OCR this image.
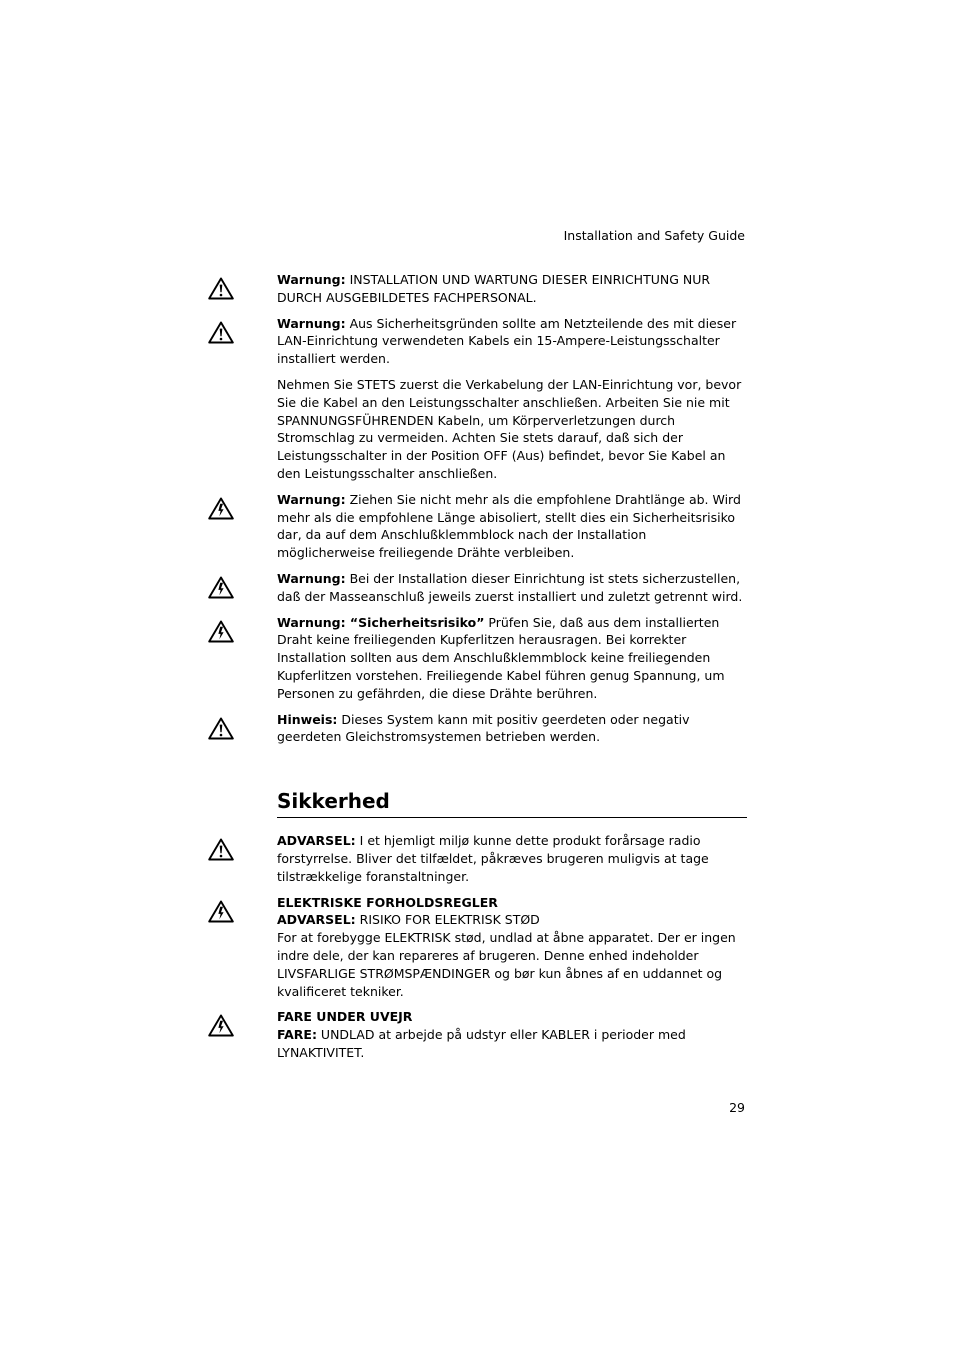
Installation and Safety Guide

Warnung: INSTALLATION UND WARTUNG DIESER EINRICHTUNG NUR DURCH AUSGEBILDETES FACHPERSONAL.

Warnung: Aus Sicherheitsgründen sollte am Netzteilende des mit dieser LAN-Einrichtung verwendeten Kabels ein 15-Ampere-Leistungsschalter installiert werden.

Nehmen Sie STETS zuerst die Verkabelung der LAN-Einrichtung vor, bevor Sie die Kabel an den Leistungsschalter anschließen. Arbeiten Sie nie mit SPANNUNGSFÜHRENDEN Kabeln, um Körperverletzungen durch Stromschlag zu vermeiden. Achten Sie stets darauf, daß sich der Leistungsschalter in der Position OFF (Aus) befindet, bevor Sie Kabel an den Leistungsschalter anschließen.

Warnung: Ziehen Sie nicht mehr als die empfohlene Drahtlänge ab. Wird mehr als die empfohlene Länge abisoliert, stellt dies ein Sicherheitsrisiko dar, da auf dem Anschlußklemmblock nach der Installation möglicherweise freiliegende Drähte verbleiben.

Warnung: Bei der Installation dieser Einrichtung ist stets sicherzustellen, daß der Masseanschluß jeweils zuerst installiert und zuletzt getrennt wird.

Warnung: “Sicherheitsrisiko” Prüfen Sie, daß aus dem installierten Draht keine freiliegenden Kupferlitzen herausragen. Bei korrekter Installation sollten aus dem Anschlußklemmblock keine freiliegenden Kupferlitzen vorstehen. Freiliegende Kabel führen genug Spannung, um Personen zu gefährden, die diese Drähte berühren.

Hinweis: Dieses System kann mit positiv geerdeten oder negativ geerdeten Gleichstromsystemen betrieben werden.

Sikkerhed

ADVARSEL: I et hjemligt miljø kunne dette produkt forårsage radio forstyrrelse. Bliver det tilfældet, påkræves brugeren muligvis at tage tilstrækkelige foranstaltninger.

ELEKTRISKE FORHOLDSREGLER
ADVARSEL: RISIKO FOR ELEKTRISK STØD
For at forebygge ELEKTRISK stød, undlad at åbne apparatet. Der er ingen indre dele, der kan repareres af brugeren. Denne enhed indeholder LIVSFARLIGE STRØMSPÆNDINGER og bør kun åbnes af en uddannet og kvalificeret tekniker.

FARE UNDER UVEJR
FARE: UNDLAD at arbejde på udstyr eller KABLER i perioder med LYNAKTIVITET.

29
